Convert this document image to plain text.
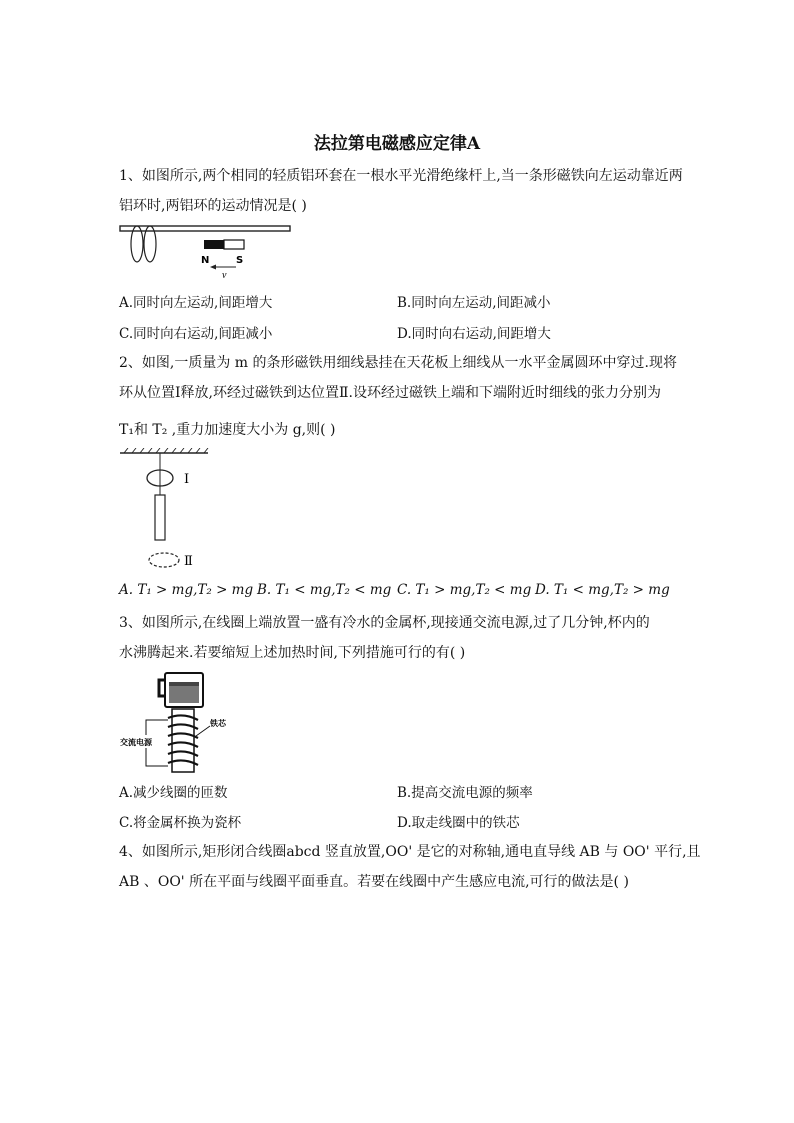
法拉第电磁感应定律A
1、如图所示,两个相同的轻质铝环套在一根水平光滑绝缘杆上,当一条形磁铁向左运动靠近两
铝环时,两铝环的运动情况是( )
N	S
v
A.同时向左运动,间距增大	B.同时向左运动,间距减小
C.同时向右运动,间距减小	D.同时向右运动,间距增大
2、如图,一质量为 m 的条形磁铁用细线悬挂在天花板上细线从一水平金属圆环中穿过.现将
环从位置Ⅰ释放,环经过磁铁到达位置Ⅱ.设环经过磁铁上端和下端附近时细线的张力分别为
T₁和 T₂ ,重力加速度大小为 g,则( )
Ⅰ
Ⅱ
A. T₁ > mg,T₂ > mg B. T₁ < mg,T₂ < mg C. T₁ > mg,T₂ < mg D. T₁ < mg,T₂ > mg
3、如图所示,在线圈上端放置一盛有冷水的金属杯,现接通交流电源,过了几分钟,杯内的
水沸腾起来.若要缩短上述加热时间,下列措施可行的有( )
交流电源
铁芯
A.减少线圈的匝数	B.提高交流电源的频率
C.将金属杯换为瓷杯	D.取走线圈中的铁芯
4、如图所示,矩形闭合线圈abcd 竖直放置,OO' 是它的对称轴,通电直导线 AB 与 OO' 平行,且
AB 、OO' 所在平面与线圈平面垂直。若要在线圈中产生感应电流,可行的做法是( )
